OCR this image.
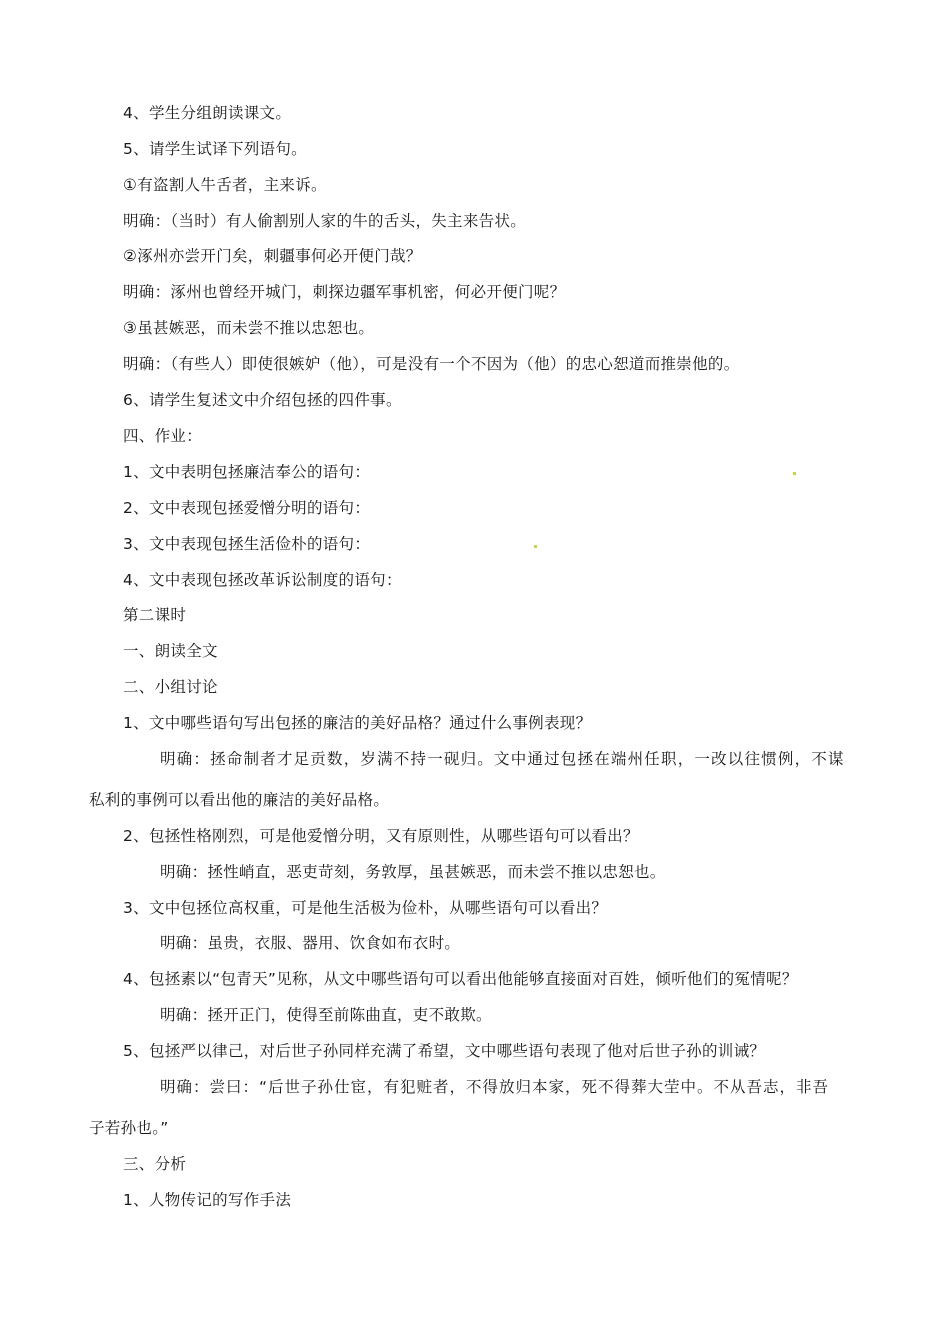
4、学生分组朗读课文。
5、请学生试译下列语句。
①有盗割人牛舌者，主来诉。
明确：（当时）有人偷割别人家的牛的舌头，失主来告状。
②涿州亦尝开门矣，刺疆事何必开便门哉？
明确：涿州也曾经开城门，刺探边疆军事机密，何必开便门呢？
③虽甚嫉恶，而未尝不推以忠恕也。
明确：（有些人）即使很嫉妒（他），可是没有一个不因为（他）的忠心恕道而推崇他的。
6、请学生复述文中介绍包拯的四件事。
四、作业：
1、文中表明包拯廉洁奉公的语句：
2、文中表现包拯爱憎分明的语句：
3、文中表现包拯生活俭朴的语句：
4、文中表现包拯改革诉讼制度的语句：
第二课时
一、朗读全文
二、小组讨论
1、文中哪些语句写出包拯的廉洁的美好品格？通过什么事例表现？
明确：拯命制者才足贡数，岁满不持一砚归。文中通过包拯在端州任职，一改以往惯例，不谋
私利的事例可以看出他的廉洁的美好品格。
2、包拯性格刚烈，可是他爱憎分明，又有原则性，从哪些语句可以看出？
明确：拯性峭直，恶吏苛刻，务敦厚，虽甚嫉恶，而未尝不推以忠恕也。
3、文中包拯位高权重，可是他生活极为俭朴，从哪些语句可以看出？
明确：虽贵，衣服、器用、饮食如布衣时。
4、包拯素以“包青天”见称，从文中哪些语句可以看出他能够直接面对百姓，倾听他们的冤情呢？
明确：拯开正门，使得至前陈曲直，吏不敢欺。
5、包拯严以律己，对后世子孙同样充满了希望，文中哪些语句表现了他对后世子孙的训诫？
明确：尝曰：“后世子孙仕宦，有犯赃者，不得放归本家，死不得葬大茔中。不从吾志，非吾
子若孙也。”
三、分析
1、人物传记的写作手法
